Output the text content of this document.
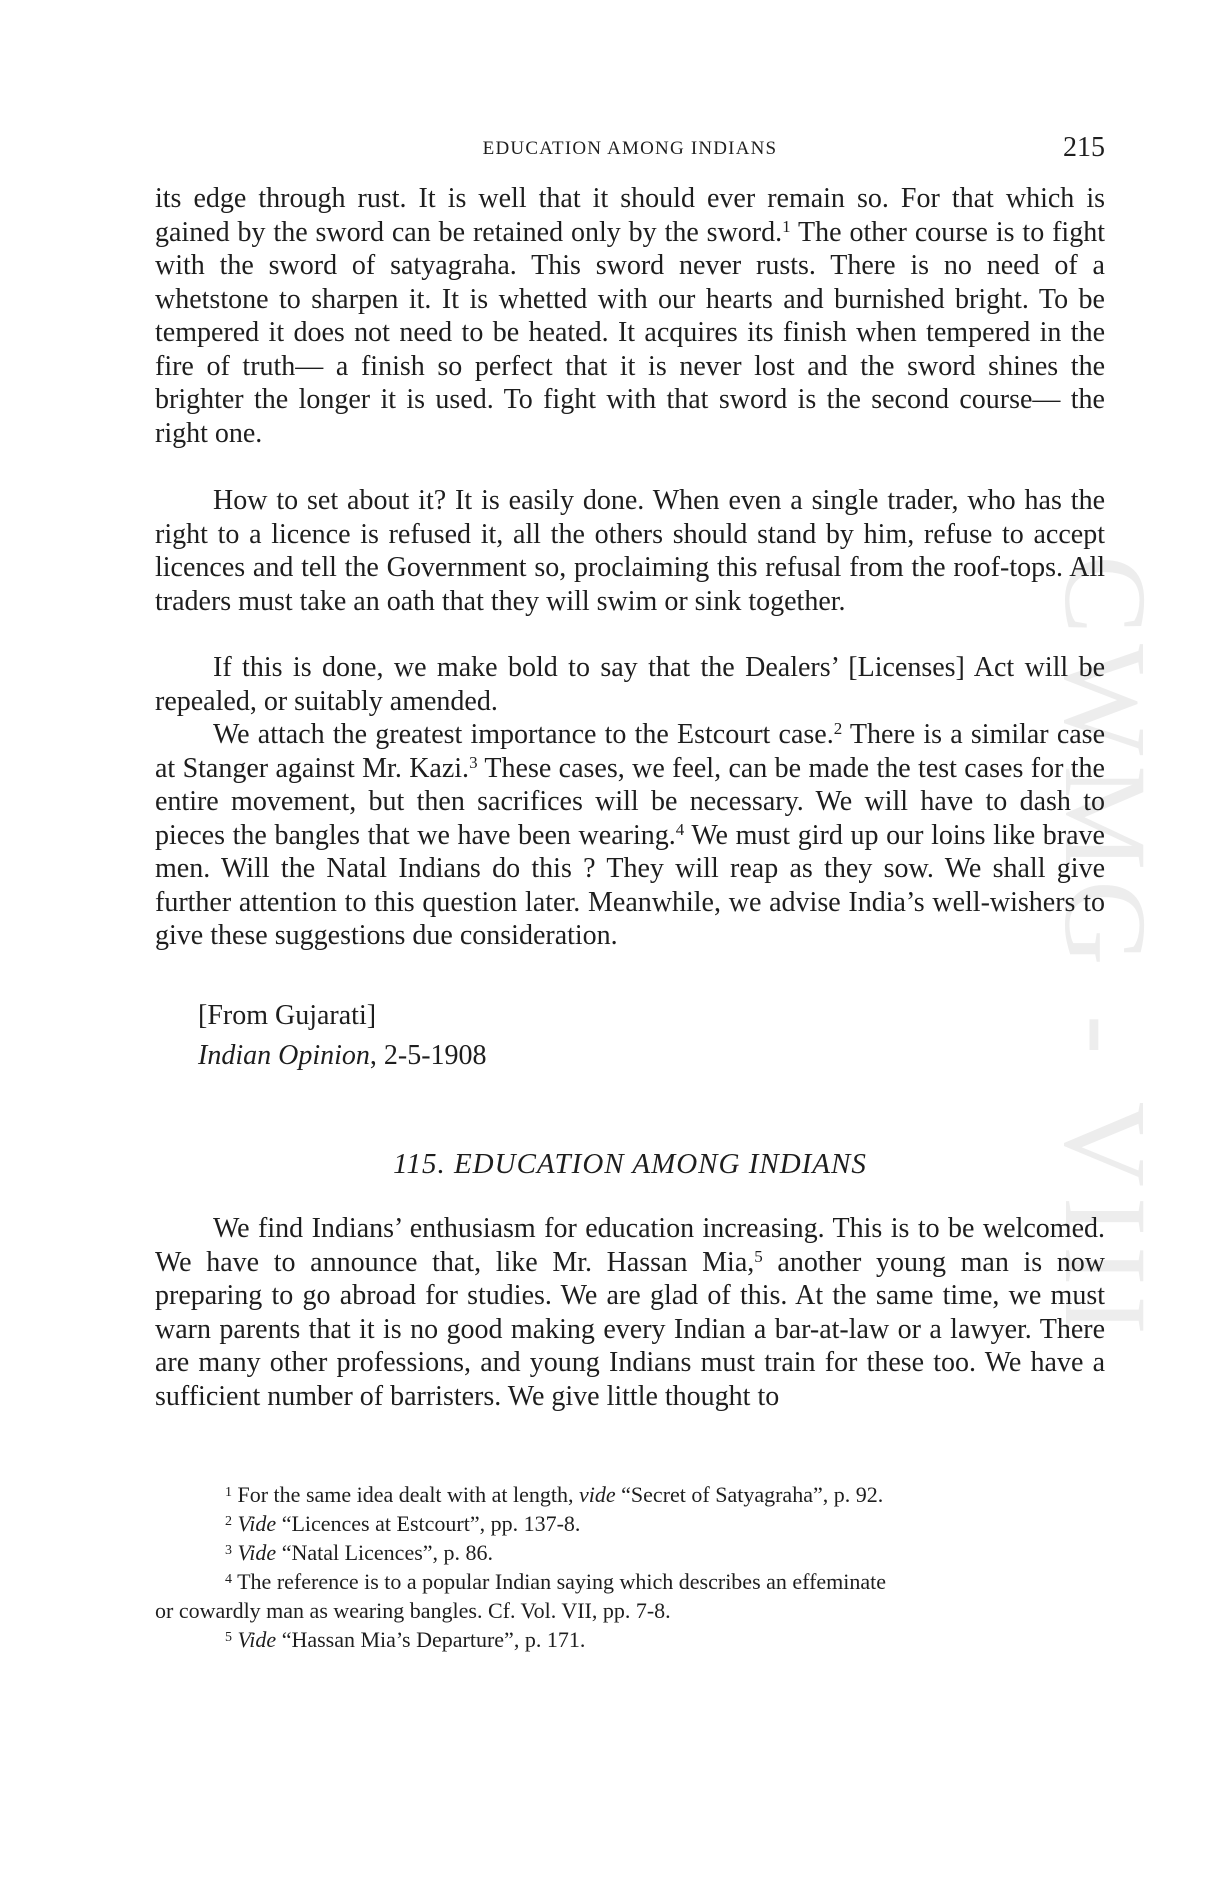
CWMG - VIII
EDUCATION AMONG INDIANS	215

its edge through rust. It is well that it should ever remain so. For that which is gained by the sword can be retained only by the sword.$^1$ The other course is to fight with the sword of satyagraha. This sword never rusts. There is no need of a whetstone to sharpen it. It is whetted with our hearts and burnished bright. To be tempered it does not need to be heated. It acquires its finish when tempered in the fire of truth— a finish so perfect that it is never lost and the sword shines the brighter the longer it is used. To fight with that sword is the second course— the right one.

How to set about it? It is easily done. When even a single trader, who has the right to a licence is refused it, all the others should stand by him, refuse to accept licences and tell the Government so, proclaiming this refusal from the roof-tops. All traders must take an oath that they will swim or sink together.

If this is done, we make bold to say that the Dealers’ [Licenses] Act will be repealed, or suitably amended.

We attach the greatest importance to the Estcourt case.$^2$ There is a similar case at Stanger against Mr. Kazi.$^3$ These cases, we feel, can be made the test cases for the entire movement, but then sacrifices will be necessary. We will have to dash to pieces the bangles that we have been wearing.$^4$ We must gird up our loins like brave men. Will the Natal Indians do this ? They will reap as they sow. We shall give further attention to this question later. Meanwhile, we advise India’s well-wishers to give these suggestions due consideration.

[From Gujarati]
Indian Opinion, 2-5-1908
115. EDUCATION AMONG INDIANS

We find Indians’ enthusiasm for education increasing. This is to be welcomed. We have to announce that, like Mr. Hassan Mia,$^5$ another young man is now preparing to go abroad for studies. We are glad of this. At the same time, we must warn parents that it is no good making every Indian a bar-at-law or a lawyer. There are many other professions, and young Indians must train for these too. We have a sufficient number of barristers. We give little thought to

$^1$ For the same idea dealt with at length, vide “Secret of Satyagraha”, p. 92.

$^2$ Vide “Licences at Estcourt”, pp. 137-8.

$^3$ Vide “Natal Licences”, p. 86.

$^4$ The reference is to a popular Indian saying which describes an effeminate

or cowardly man as wearing bangles. Cf. Vol. VII, pp. 7-8.

$^5$ Vide “Hassan Mia’s Departure”, p. 171.
